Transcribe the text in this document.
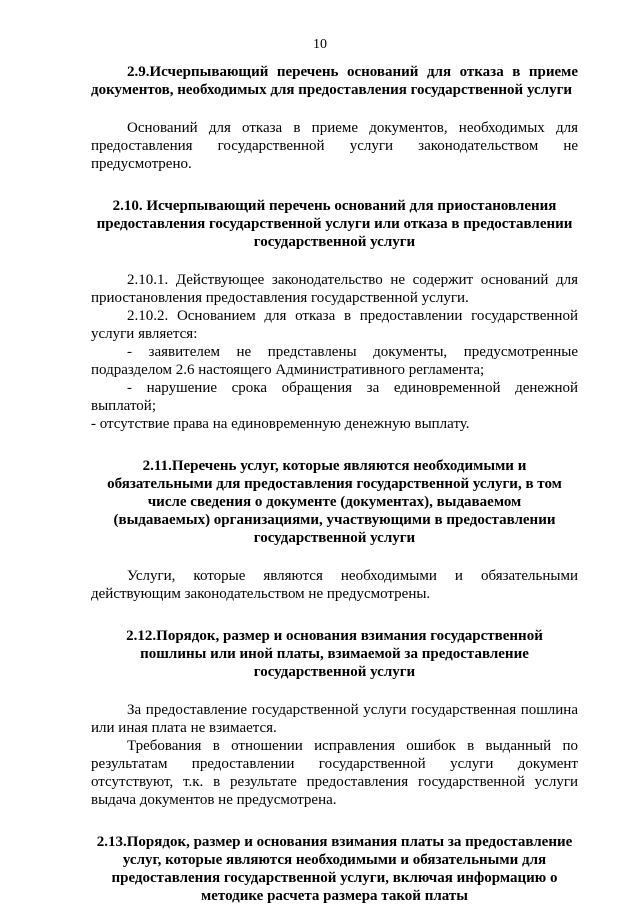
10

2.9.Исчерпывающий перечень оснований для отказа в приеме документов, необходимых для предоставления государственной услуги

Оснований для отказа в приеме документов, необходимых для предоставления государственной услуги законодательством не предусмотрено.

2.10. Исчерпывающий перечень оснований для приостановления предоставления государственной услуги или отказа в предоставлении государственной услуги

2.10.1. Действующее законодательство не содержит оснований для приостановления предоставления государственной услуги.

2.10.2. Основанием для отказа в предоставлении государственной услуги является:

- заявителем не представлены документы, предусмотренные подразделом 2.6 настоящего Административного регламента;

- нарушение срока обращения за единовременной денежной выплатой;

- отсутствие права на единовременную денежную выплату.

2.11.Перечень услуг, которые являются необходимыми и обязательными для предоставления государственной услуги, в том числе сведения о документе (документах), выдаваемом (выдаваемых) организациями, участвующими в предоставлении государственной услуги

Услуги, которые являются необходимыми и обязательными действующим законодательством не предусмотрены.

2.12.Порядок, размер и основания взимания государственной пошлины или иной платы, взимаемой за предоставление государственной услуги

За предоставление государственной услуги государственная пошлина или иная плата не взимается.

Требования в отношении исправления ошибок в выданный по результатам предоставлении государственной услуги документ отсутствуют, т.к. в результате предоставления государственной услуги выдача документов не предусмотрена.

2.13.Порядок, размер и основания взимания платы за предоставление услуг, которые являются необходимыми и обязательными для предоставления государственной услуги, включая информацию о методике расчета размера такой платы
